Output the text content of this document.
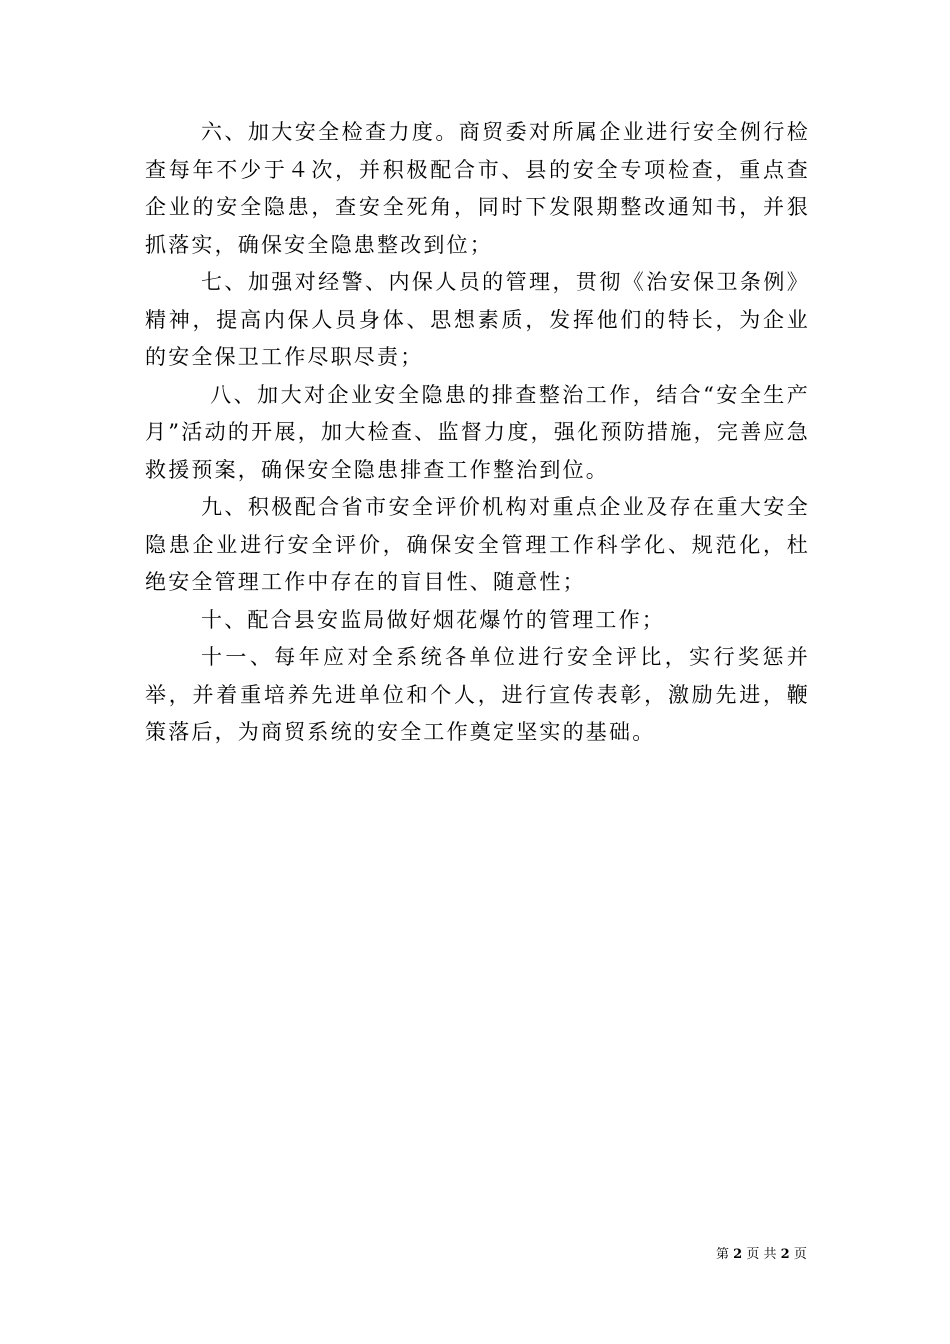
六、加大安全检查力度。商贸委对所属企业进行安全例行检查每年不少于４次，并积极配合市、县的安全专项检查，重点查企业的安全隐患，查安全死角，同时下发限期整改通知书，并狠抓落实，确保安全隐患整改到位；

七、加强对经警、内保人员的管理，贯彻《治安保卫条例》精神，提高内保人员身体、思想素质，发挥他们的特长，为企业的安全保卫工作尽职尽责；

八、加大对企业安全隐患的排查整治工作，结合“安全生产月”活动的开展，加大检查、监督力度，强化预防措施，完善应急救援预案，确保安全隐患排查工作整治到位。

九、积极配合省市安全评价机构对重点企业及存在重大安全隐患企业进行安全评价，确保安全管理工作科学化、规范化，杜绝安全管理工作中存在的盲目性、随意性；

十、配合县安监局做好烟花爆竹的管理工作；

十一、每年应对全系统各单位进行安全评比，实行奖惩并举，并着重培养先进单位和个人，进行宣传表彰，激励先进，鞭策落后，为商贸系统的安全工作奠定坚实的基础。

第 2 页 共 2 页
